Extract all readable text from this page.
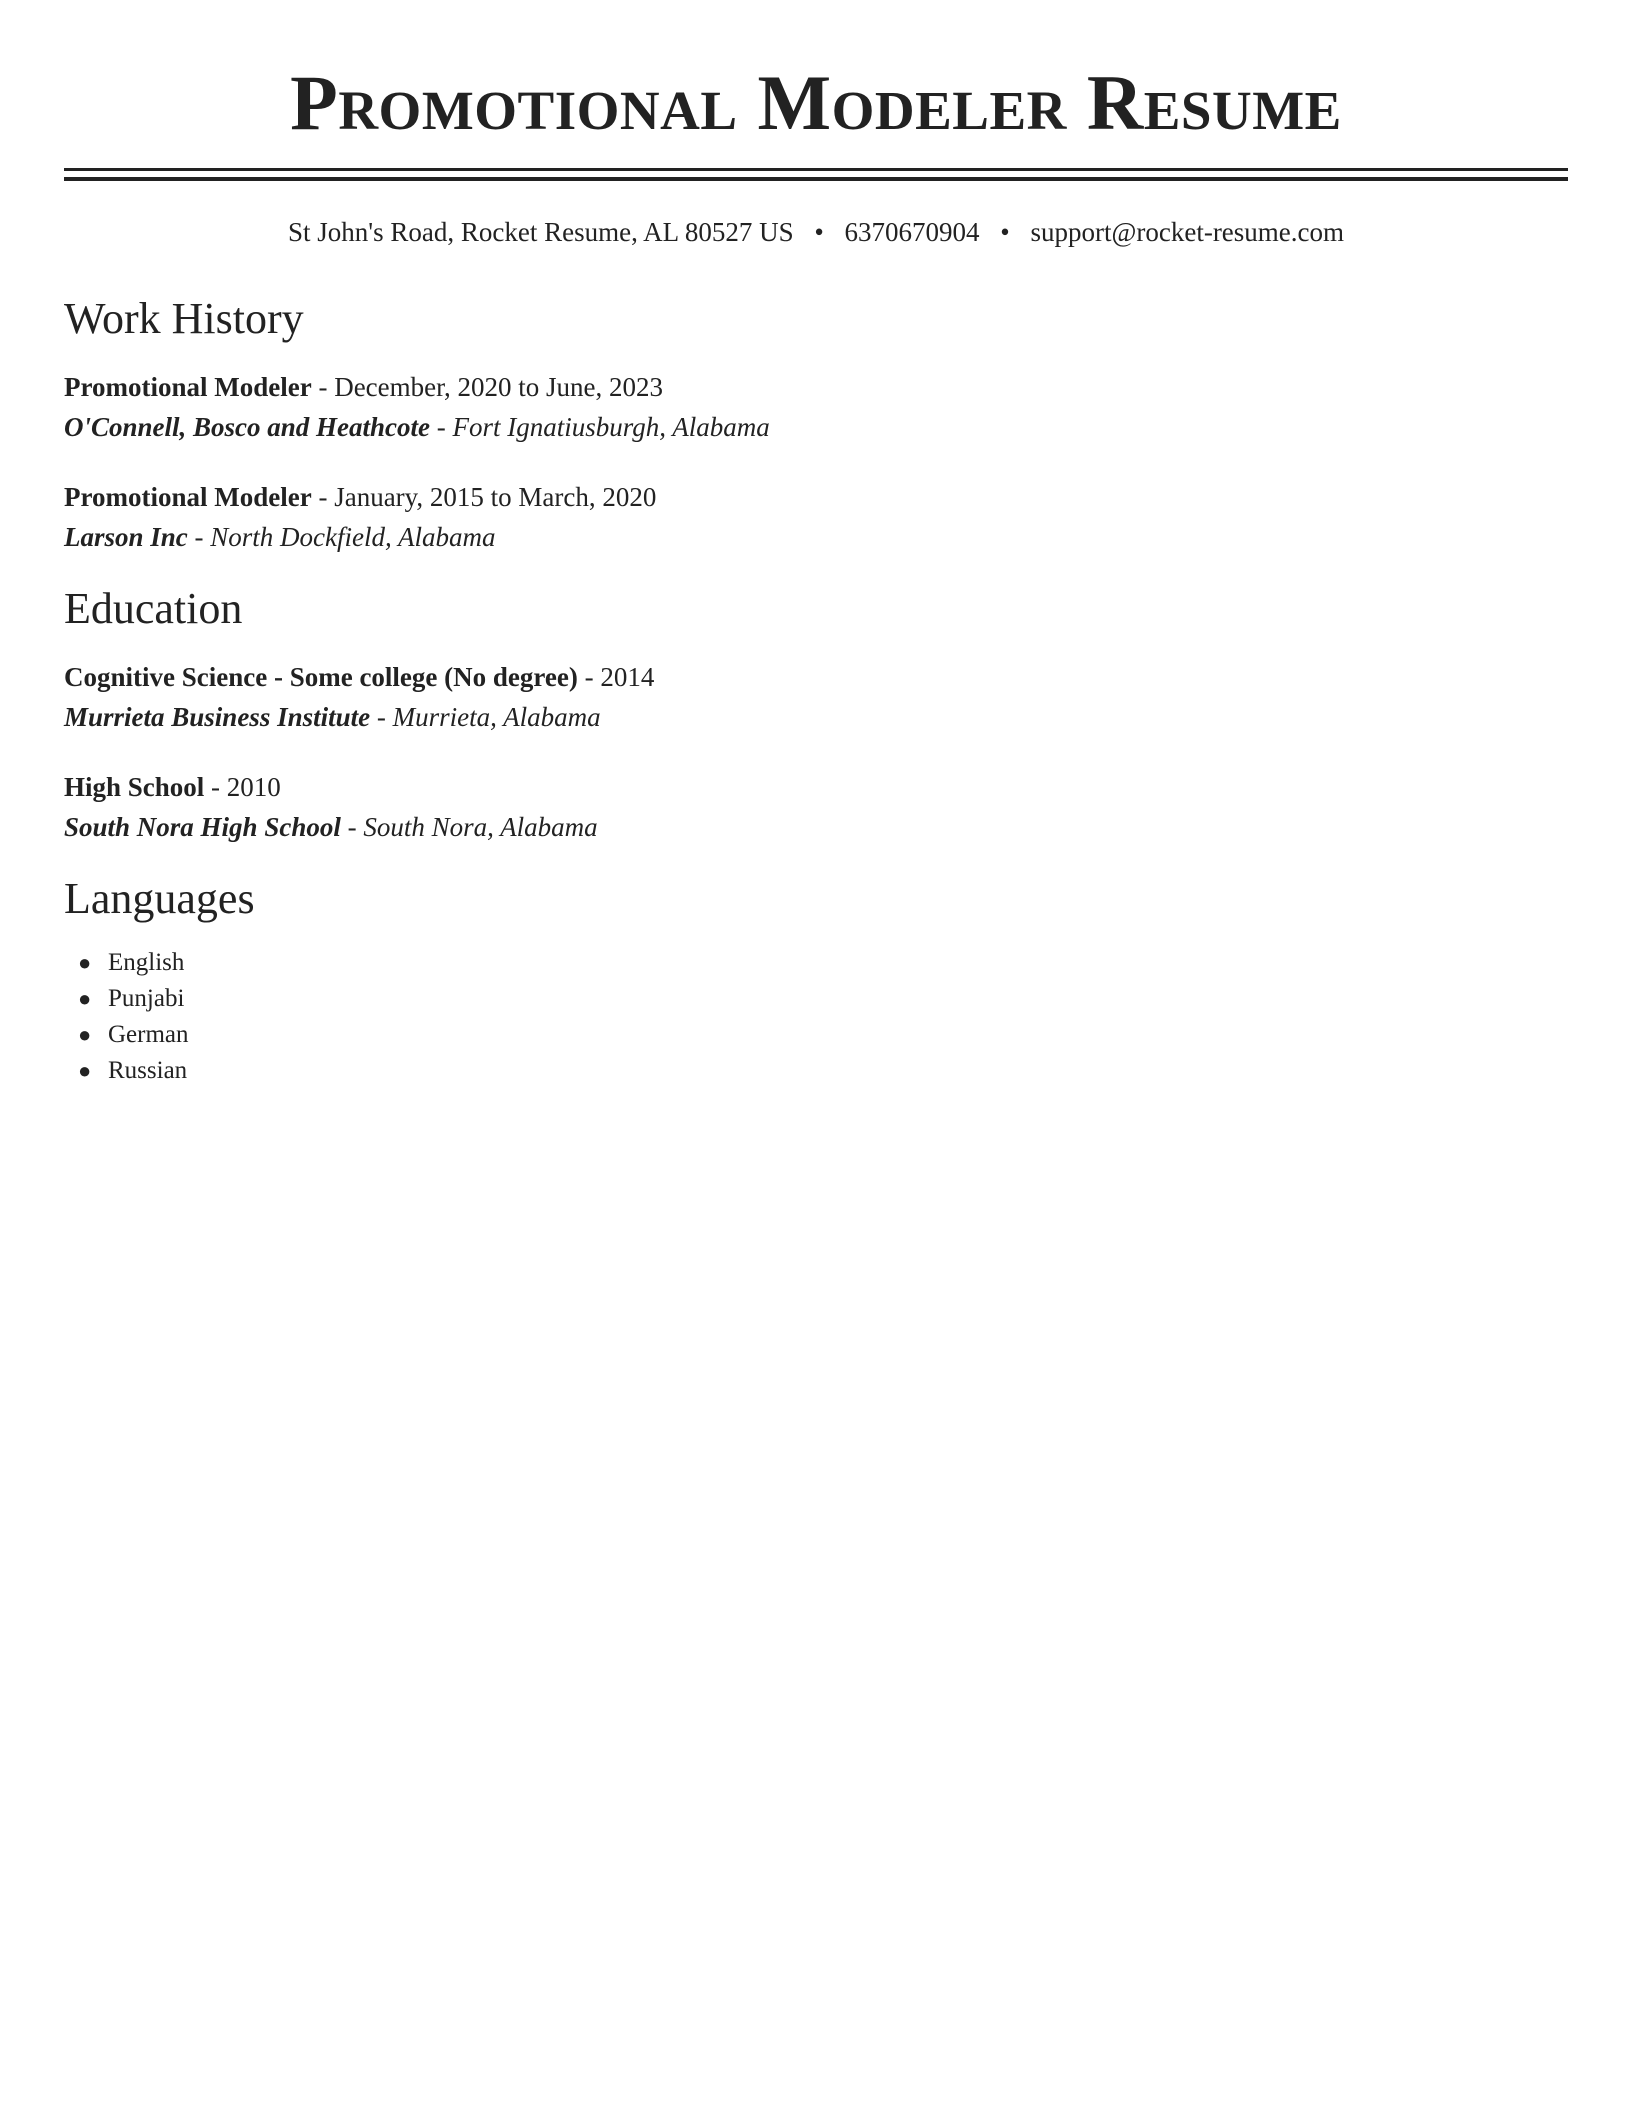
Promotional Modeler Resume
St John's Road, Rocket Resume, AL 80527 US • 6370670904 • support@rocket-resume.com
Work History
Promotional Modeler - December, 2020 to June, 2023
O'Connell, Bosco and Heathcote - Fort Ignatiusburgh, Alabama
Promotional Modeler - January, 2015 to March, 2020
Larson Inc - North Dockfield, Alabama
Education
Cognitive Science - Some college (No degree) - 2014
Murrieta Business Institute - Murrieta, Alabama
High School - 2010
South Nora High School - South Nora, Alabama
Languages
● English
● Punjabi
● German
● Russian
